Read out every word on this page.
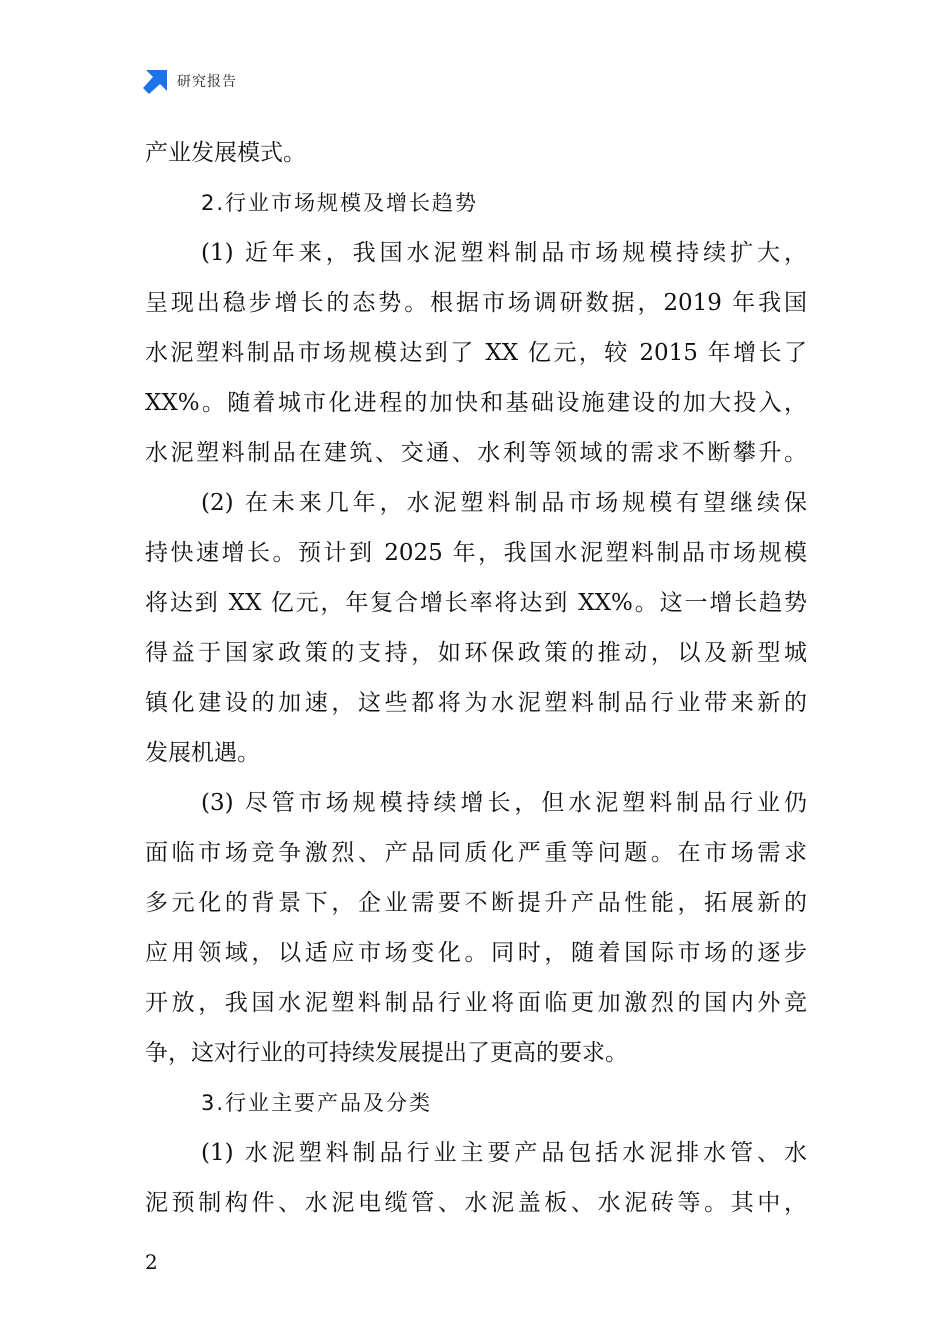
研究报告
产业发展模式。
2.行业市场规模及增长趋势
(1) 近年来，我国水泥塑料制品市场规模持续扩大，
呈现出稳步增长的态势。根据市场调研数据，2019 年我国
水泥塑料制品市场规模达到了 XX 亿元，较 2015 年增长了
XX%。随着城市化进程的加快和基础设施建设的加大投入，
水泥塑料制品在建筑、交通、水利等领域的需求不断攀升。
(2) 在未来几年，水泥塑料制品市场规模有望继续保
持快速增长。预计到 2025 年，我国水泥塑料制品市场规模
将达到 XX 亿元，年复合增长率将达到 XX%。这一增长趋势
得益于国家政策的支持，如环保政策的推动，以及新型城
镇化建设的加速，这些都将为水泥塑料制品行业带来新的
发展机遇。
(3) 尽管市场规模持续增长，但水泥塑料制品行业仍
面临市场竞争激烈、产品同质化严重等问题。在市场需求
多元化的背景下，企业需要不断提升产品性能，拓展新的
应用领域，以适应市场变化。同时，随着国际市场的逐步
开放，我国水泥塑料制品行业将面临更加激烈的国内外竞
争，这对行业的可持续发展提出了更高的要求。
3.行业主要产品及分类
(1) 水泥塑料制品行业主要产品包括水泥排水管、水
泥预制构件、水泥电缆管、水泥盖板、水泥砖等。其中，
2
